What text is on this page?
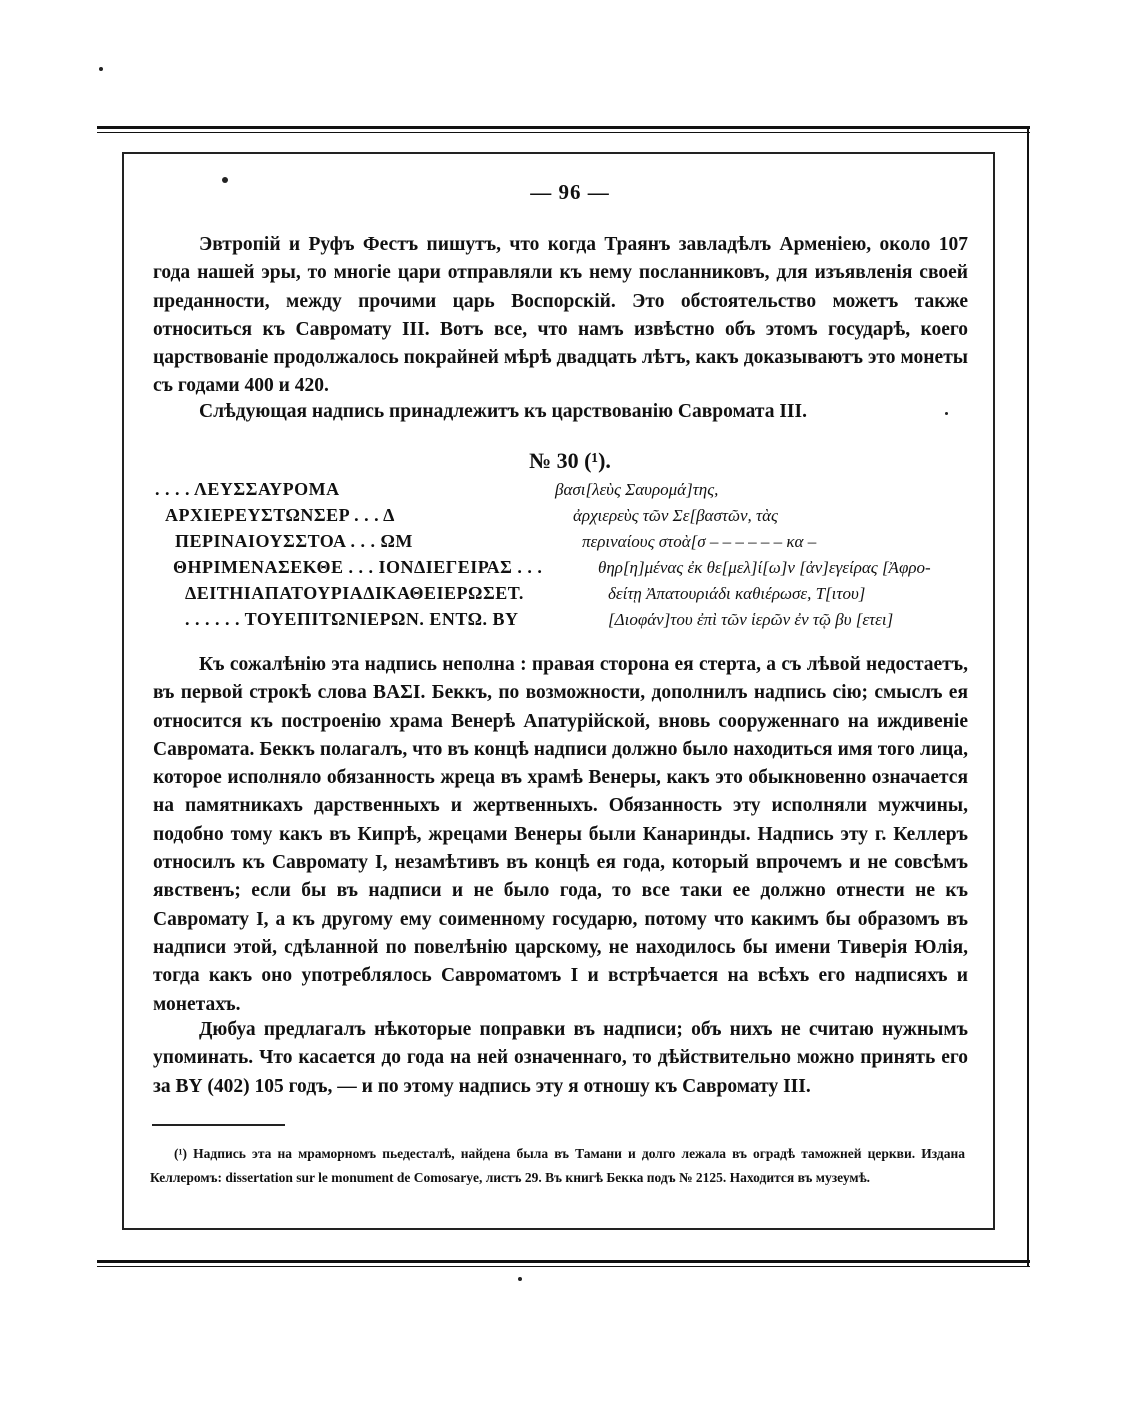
— 96 —

Эвтропій и Руфъ Фестъ пишутъ, что когда Траянъ завладѣлъ Арменіею, около 107 года нашей эры, то многіе цари отправляли къ нему посланниковъ, для изъявленія своей преданности, между прочими царь Воспорскій. Это обстоятельство можетъ также относиться къ Савромату III. Вотъ все, что намъ извѣстно объ этомъ государѣ, коего царствованіе продолжалось покрайней мѣрѣ двадцать лѣтъ, какъ доказываютъ это монеты съ годами 400 и 420.

Слѣдующая надпись принадлежитъ къ царствованію Савромата III.

№ 30 (¹).
. . . . ΛΕΥΣΣΑΥΡΟΜΑ
ΑΡΧΙΕΡΕΥΣΤΩΝΣΕΡ . . . Δ
ΠΕΡΙΝΑΙΟΥΣΣΤΟΑ . . . ΩΜ
ΘΗΡΙΜΕΝΑΣΕΚΘΕ . . . ΙΟΝΔΙΕΓΕΙΡΑΣ . . .
ΔΕΙΤΗΙΑΠΑΤΟΥΡΙΑΔΙΚΑΘΕΙΕΡΩΣΕΤ.
. . . . . . ΤΟΥΕΠΙΤΩΝΙΕΡΩΝ. ΕΝΤΩ. ΒΥ
βασι[λεὺς Σαυρομά]της,
ἀρχιερεὺς τῶν Σε[βαστῶν, τὰς
περιναίους στοὰ[σ – – – – – – κα –
θηρ[η]μένας ἐκ θε[μελ]ί[ω]ν [ἀν]εγείρας [Ἀφρο-
δείτῃ Ἀπατουριάδι καθιέρωσε, Τ[ιτου]
[Διοφάν]του ἐπὶ τῶν ἱερῶν ἐν τῷ βυ [ετει]

Къ сожалѣнію эта надпись неполна : правая сторона ея стерта, а съ лѣвой недостаетъ, въ первой строкѣ слова ΒΑΣΙ. Беккъ, по возможности, дополнилъ надпись сію; смыслъ ея относится къ построенію храма Венерѣ Апатурійской, вновь сооруженнаго на иждивеніе Савромата. Беккъ полагалъ, что въ концѣ надписи должно было находиться имя того лица, которое исполняло обязанность жреца въ храмѣ Венеры, какъ это обыкновенно означается на памятникахъ дарственныхъ и жертвенныхъ. Обязанность эту исполняли мужчины, подобно тому какъ въ Кипрѣ, жрецами Венеры были Канаринды. Надпись эту г. Келлеръ относилъ къ Савромату I, незамѣтивъ въ концѣ ея года, который впрочемъ и не совсѣмъ явственъ; если бы въ надписи и не было года, то все таки ее должно отнести не къ Савромату I, а къ другому ему соименному государю, потому что какимъ бы образомъ въ надписи этой, сдѣланной по повелѣнію царскому, не находилось бы имени Тиверія Юлія, тогда какъ оно употреблялось Савроматомъ I и встрѣчается на всѣхъ его надписяхъ и монетахъ.

Дюбуа предлагалъ нѣкоторые поправки въ надписи; объ нихъ не считаю нужнымъ упоминать. Что касается до года на ней означеннаго, то дѣйствительно можно принять его за ΒΥ (402) 105 годъ, — и по этому надпись эту я отношу къ Савромату III.

(¹) Надпись эта на мраморномъ пьедесталѣ, найдена была въ Тамани и долго лежала въ оградѣ таможней церкви. Издана Келлеромъ: dissertation sur le monument de Comosarye, листъ 29. Въ книгѣ Бекка подъ № 2125. Находится въ музеумѣ.
